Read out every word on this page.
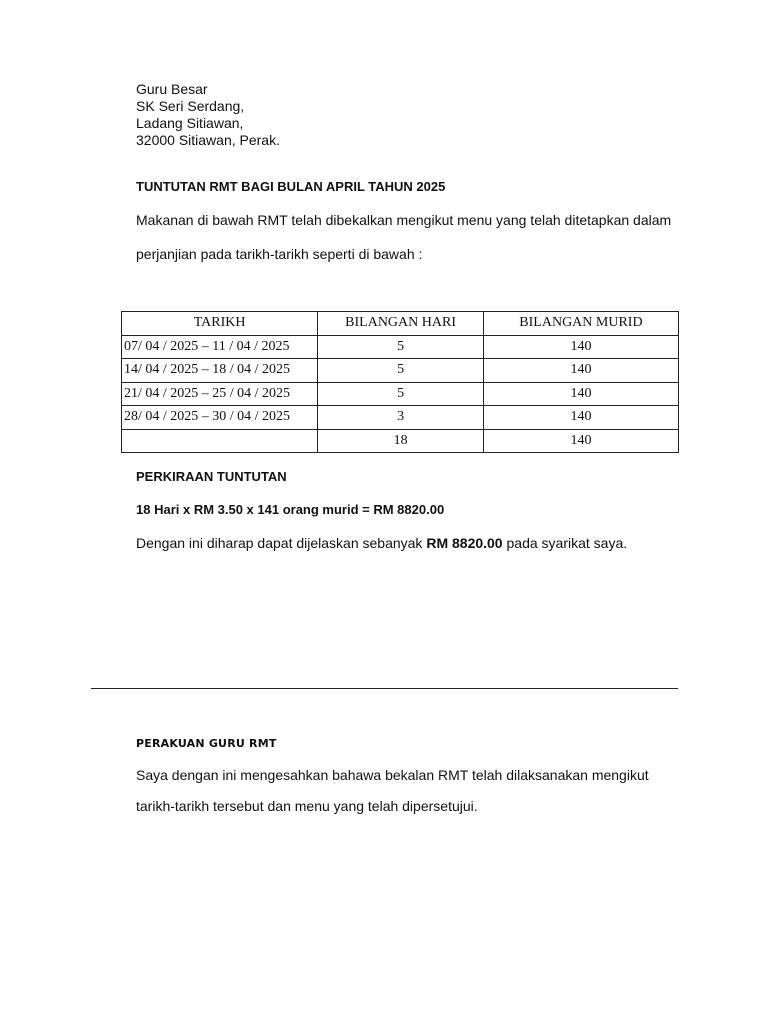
Guru Besar
SK Seri Serdang,
Ladang Sitiawan,
32000 Sitiawan, Perak.
TUNTUTAN RMT BAGI BULAN APRIL TAHUN 2025
Makanan di bawah RMT telah dibekalkan mengikut menu yang telah ditetapkan dalam
perjanjian pada tarikh-tarikh seperti di bawah :
TARIKH	BILANGAN HARI	BILANGAN MURID
07/ 04 / 2025 – 11 / 04 / 2025	5	140
14/ 04 / 2025 – 18 / 04 / 2025	5	140
21/ 04 / 2025 – 25 / 04 / 2025	5	140
28/ 04 / 2025 – 30 / 04 / 2025	3	140
	18	140
PERKIRAAN TUNTUTAN
18 Hari x RM 3.50 x 141 orang murid = RM 8820.00
Dengan ini diharap dapat dijelaskan sebanyak RM 8820.00 pada syarikat saya.
PERAKUAN GURU RMT
Saya dengan ini mengesahkan bahawa bekalan RMT telah dilaksanakan mengikut
tarikh-tarikh tersebut dan menu yang telah dipersetujui.
